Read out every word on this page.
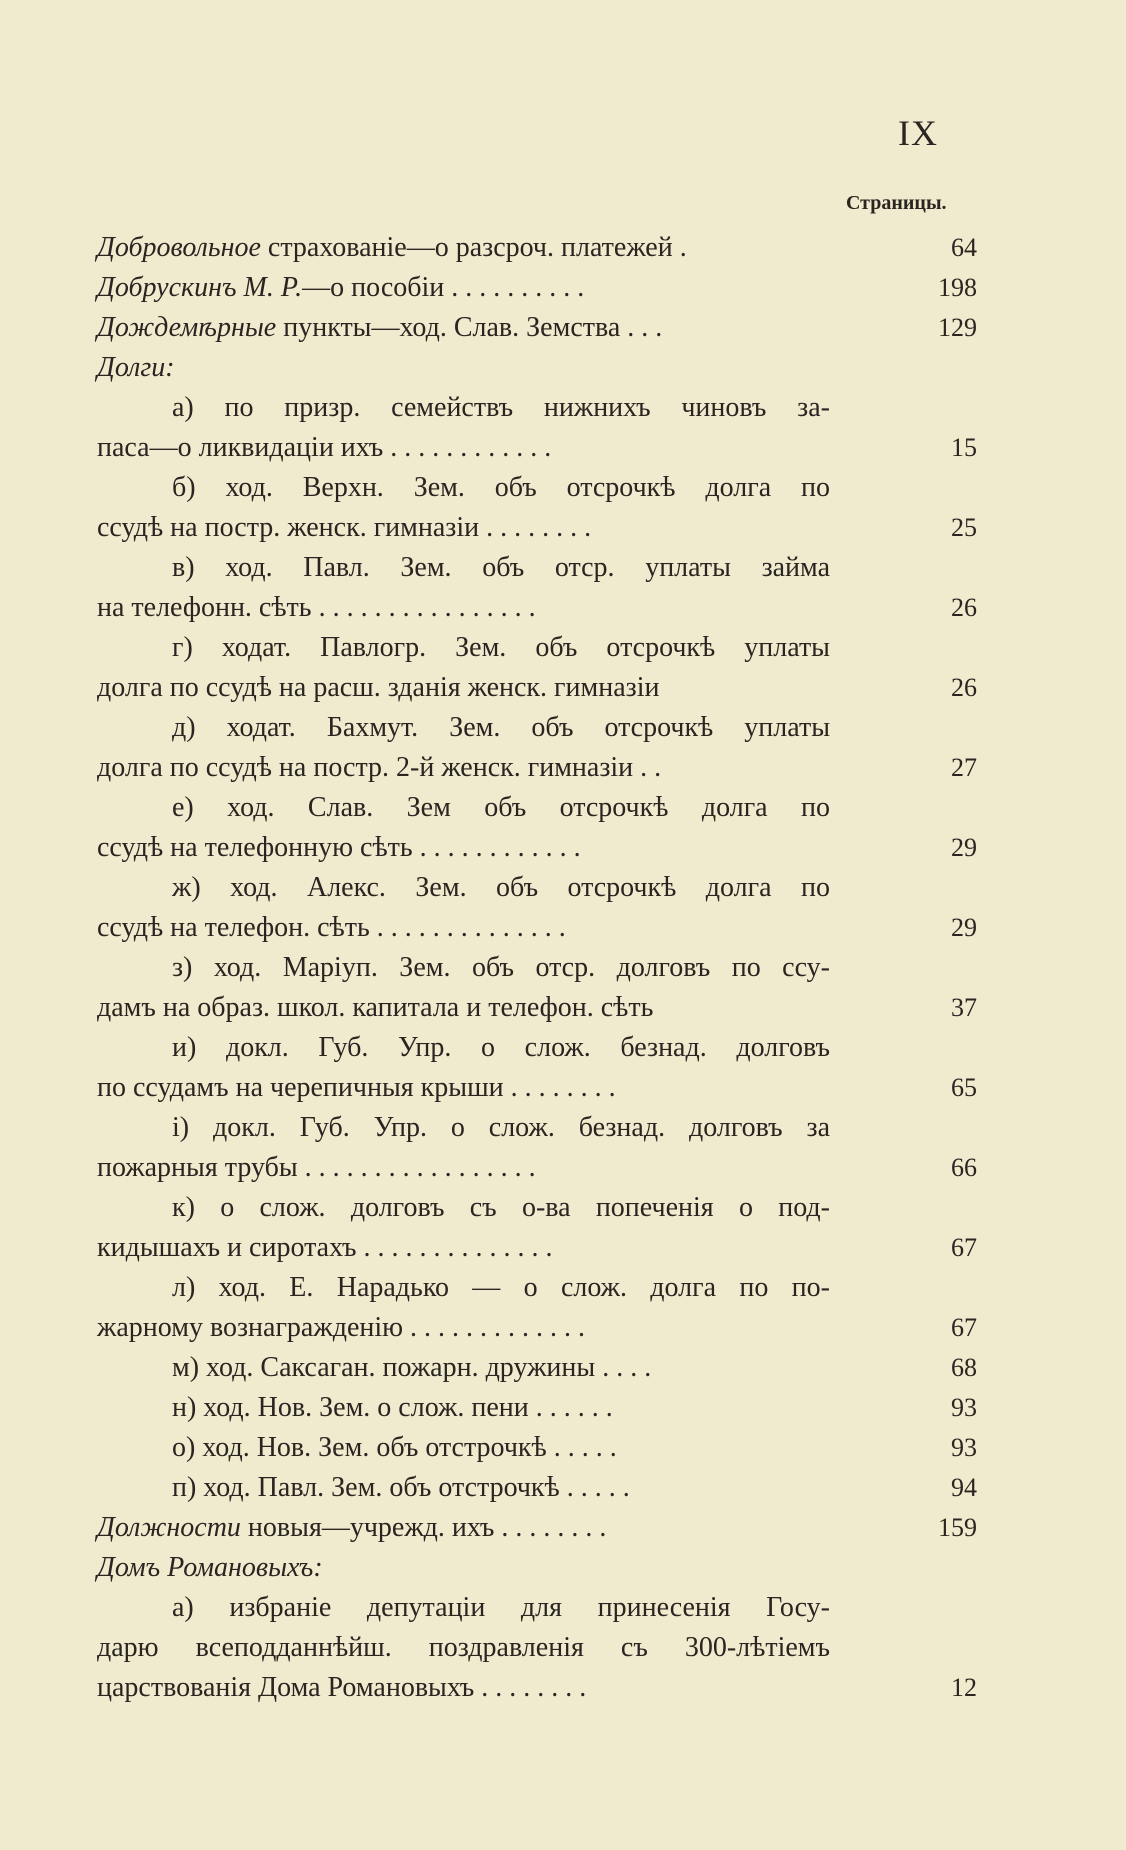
IX
Страницы.
Добровольное страхованіе—о разсроч. платежей .	64
Добрускинъ М. Р.—о пособіи . . . . . . . . . .	198
Дождемѣрные пункты—ход. Слав. Земства . . .	129
Долги:
а) по призр. семействъ нижнихъ чиновъ за-
паса—о ликвидаціи ихъ . . . . . . . . . . . .	15
б) ход. Верхн. Зем. объ отсрочкѣ долга по
ссудѣ на постр. женск. гимназіи . . . . . . . .	25
в) ход. Павл. Зем. объ отср. уплаты займа
на телефонн. сѣть . . . . . . . . . . . . . . . .	26
г) ходат. Павлогр. Зем. объ отсрочкѣ уплаты
долга по ссудѣ на расш. зданія женск. гимназіи	26
д) ходат. Бахмут. Зем. объ отсрочкѣ уплаты
долга по ссудѣ на постр. 2-й женск. гимназіи . .	27
е) ход. Слав. Зем объ отсрочкѣ долга по
ссудѣ на телефонную сѣть . . . . . . . . . . . .	29
ж) ход. Алекс. Зем. объ отсрочкѣ долга по
ссудѣ на телефон. сѣть . . . . . . . . . . . . . .	29
з) ход. Маріуп. Зем. объ отср. долговъ по ссу-
дамъ на образ. школ. капитала и телефон. сѣть	37
и) докл. Губ. Упр. о слож. безнад. долговъ
по ссудамъ на черепичныя крыши . . . . . . . .	65
і) докл. Губ. Упр. о слож. безнад. долговъ за
пожарныя трубы . . . . . . . . . . . . . . . . .	66
к) о слож. долговъ съ о-ва попеченія о под-
кидышахъ и сиротахъ . . . . . . . . . . . . . .	67
л) ход. Е. Нарадько — о слож. долга по по-
жарному вознагражденію . . . . . . . . . . . . .	67
м) ход. Саксаган. пожарн. дружины . . . .	68
н) ход. Нов. Зем. о слож. пени . . . . . .	93
о) ход. Нов. Зем. объ отстрочкѣ . . . . .	93
п) ход. Павл. Зем. объ отстрочкѣ . . . . .	94
Должности новыя—учрежд. ихъ . . . . . . . .	159
Домъ Романовыхъ:
а) избраніе депутаціи для принесенія Госу-
дарю всеподданнѣйш. поздравленія съ 300-лѣтіемъ
царствованія Дома Романовыхъ . . . . . . . .	12
